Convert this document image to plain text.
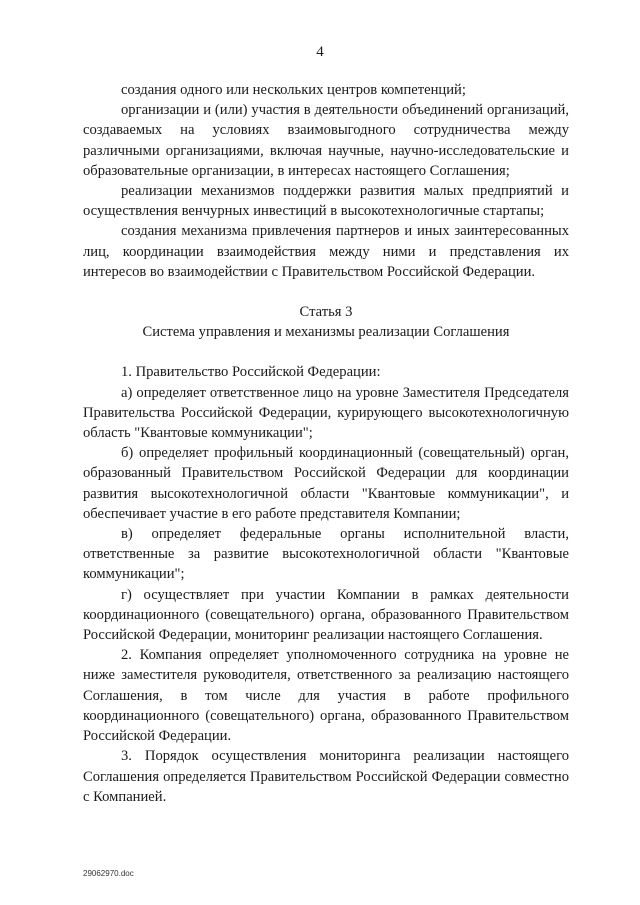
4

создания одного или нескольких центров компетенций;

организации и (или) участия в деятельности объединений организаций, создаваемых на условиях взаимовыгодного сотрудничества между различными организациями, включая научные, научно-исследовательские и образовательные организации, в интересах настоящего Соглашения;

реализации механизмов поддержки развития малых предприятий и осуществления венчурных инвестиций в высокотехнологичные стартапы;

создания механизма привлечения партнеров и иных заинтересованных лиц, координации взаимодействия между ними и представления их интересов во взаимодействии с Правительством Российской Федерации.

Статья 3
Система управления и механизмы реализации Соглашения

1. Правительство Российской Федерации:

а) определяет ответственное лицо на уровне Заместителя Председателя Правительства Российской Федерации, курирующего высокотехнологичную область "Квантовые коммуникации";

б) определяет профильный координационный (совещательный) орган, образованный Правительством Российской Федерации для координации развития высокотехнологичной области "Квантовые коммуникации", и обеспечивает участие в его работе представителя Компании;

в) определяет федеральные органы исполнительной власти, ответственные за развитие высокотехнологичной области "Квантовые коммуникации";

г) осуществляет при участии Компании в рамках деятельности координационного (совещательного) органа, образованного Правительством Российской Федерации, мониторинг реализации настоящего Соглашения.

2. Компания определяет уполномоченного сотрудника на уровне не ниже заместителя руководителя, ответственного за реализацию настоящего Соглашения, в том числе для участия в работе профильного координационного (совещательного) органа, образованного Правительством Российской Федерации.

3. Порядок осуществления мониторинга реализации настоящего Соглашения определяется Правительством Российской Федерации совместно с Компанией.

29062970.doc
